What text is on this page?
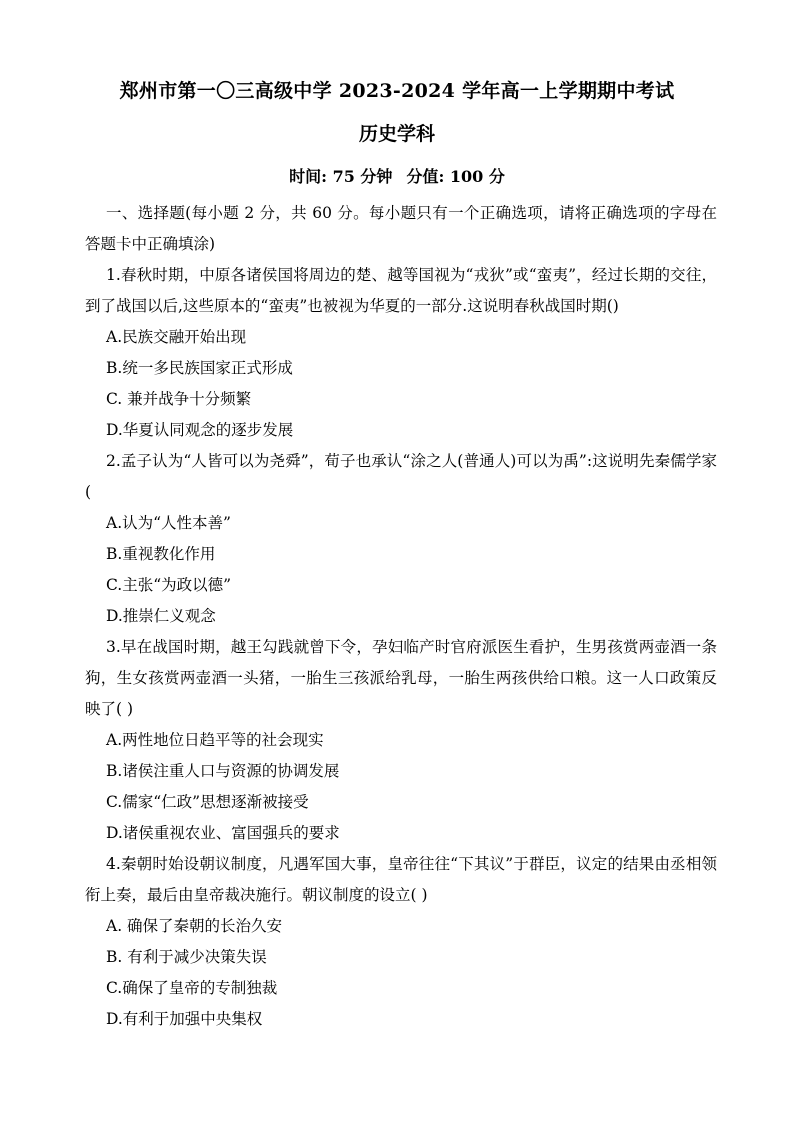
郑州市第一〇三高级中学 2023-2024 学年高一上学期期中考试
历史学科
时间: 75 分钟 分值: 100 分

一、选择题(每小题 2 分，共 60 分。每小题只有一个正确选项，请将正确选项的字母在答题卡中正确填涂)

1.春秋时期，中原各诸侯国将周边的楚、越等国视为“戎狄”或“蛮夷”，经过长期的交往，到了战国以后,这些原本的“蛮夷”也被视为华夏的一部分.这说明春秋战国时期()

A.民族交融开始出现

B.统一多民族国家正式形成

C. 兼并战争十分频繁

D.华夏认同观念的逐步发展

2.孟子认为“人皆可以为尧舜”，荀子也承认“涂之人(普通人)可以为禹”:这说明先秦儒学家(

A.认为“人性本善”

B.重视教化作用

C.主张“为政以德”

D.推崇仁义观念

3.早在战国时期，越王勾践就曾下令，孕妇临产时官府派医生看护，生男孩赏两壶酒一条狗，生女孩赏两壶酒一头猪，一胎生三孩派给乳母，一胎生两孩供给口粮。这一人口政策反映了( )

A.两性地位日趋平等的社会现实

B.诸侯注重人口与资源的协调发展

C.儒家“仁政”思想逐渐被接受

D.诸侯重视农业、富国强兵的要求

4.秦朝时始设朝议制度，凡遇军国大事，皇帝往往“下其议”于群臣，议定的结果由丞相领衔上奏，最后由皇帝裁决施行。朝议制度的设立( )

A. 确保了秦朝的长治久安

B. 有利于减少决策失误

C.确保了皇帝的专制独裁

D.有利于加强中央集权
